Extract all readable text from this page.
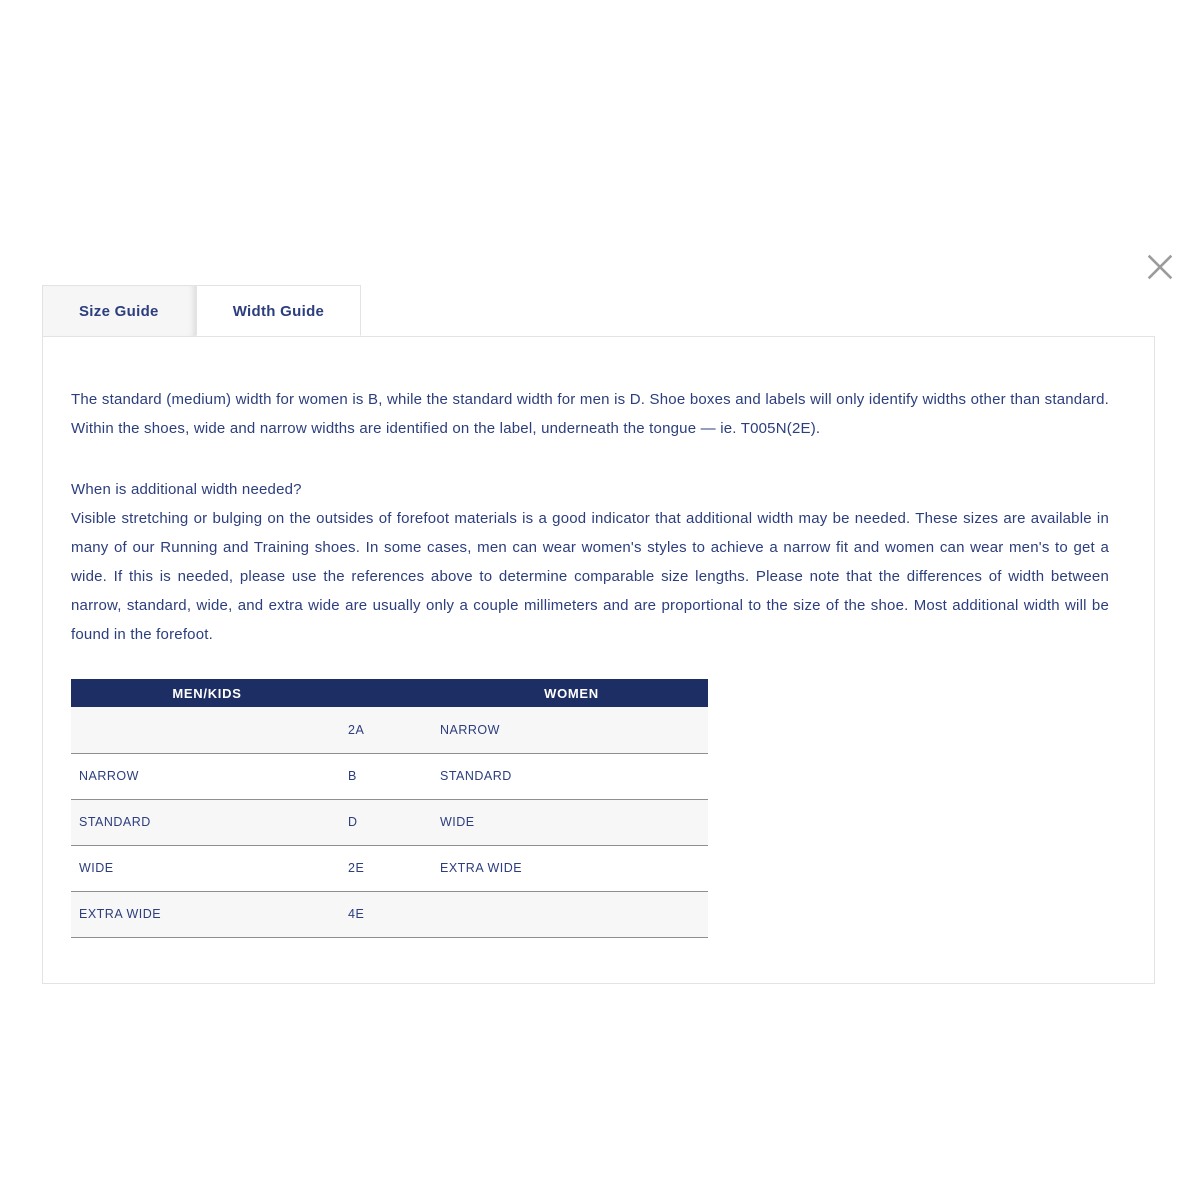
Size Guide	Width Guide

The standard (medium) width for women is B, while the standard width for men is D. Shoe boxes and labels will only identify widths other than standard. Within the shoes, wide and narrow widths are identified on the label, underneath the tongue — ie. T005N(2E).

When is additional width needed?

Visible stretching or bulging on the outsides of forefoot materials is a good indicator that additional width may be needed. These sizes are available in many of our Running and Training shoes. In some cases, men can wear women's styles to achieve a narrow fit and women can wear men's to get a wide. If this is needed, please use the references above to determine comparable size lengths. Please note that the differences of width between narrow, standard, wide, and extra wide are usually only a couple millimeters and are proportional to the size of the shoe. Most additional width will be found in the forefoot.

MEN/KIDS		WOMEN
	2A	NARROW
NARROW	B	STANDARD
STANDARD	D	WIDE
WIDE	2E	EXTRA WIDE
EXTRA WIDE	4E	
